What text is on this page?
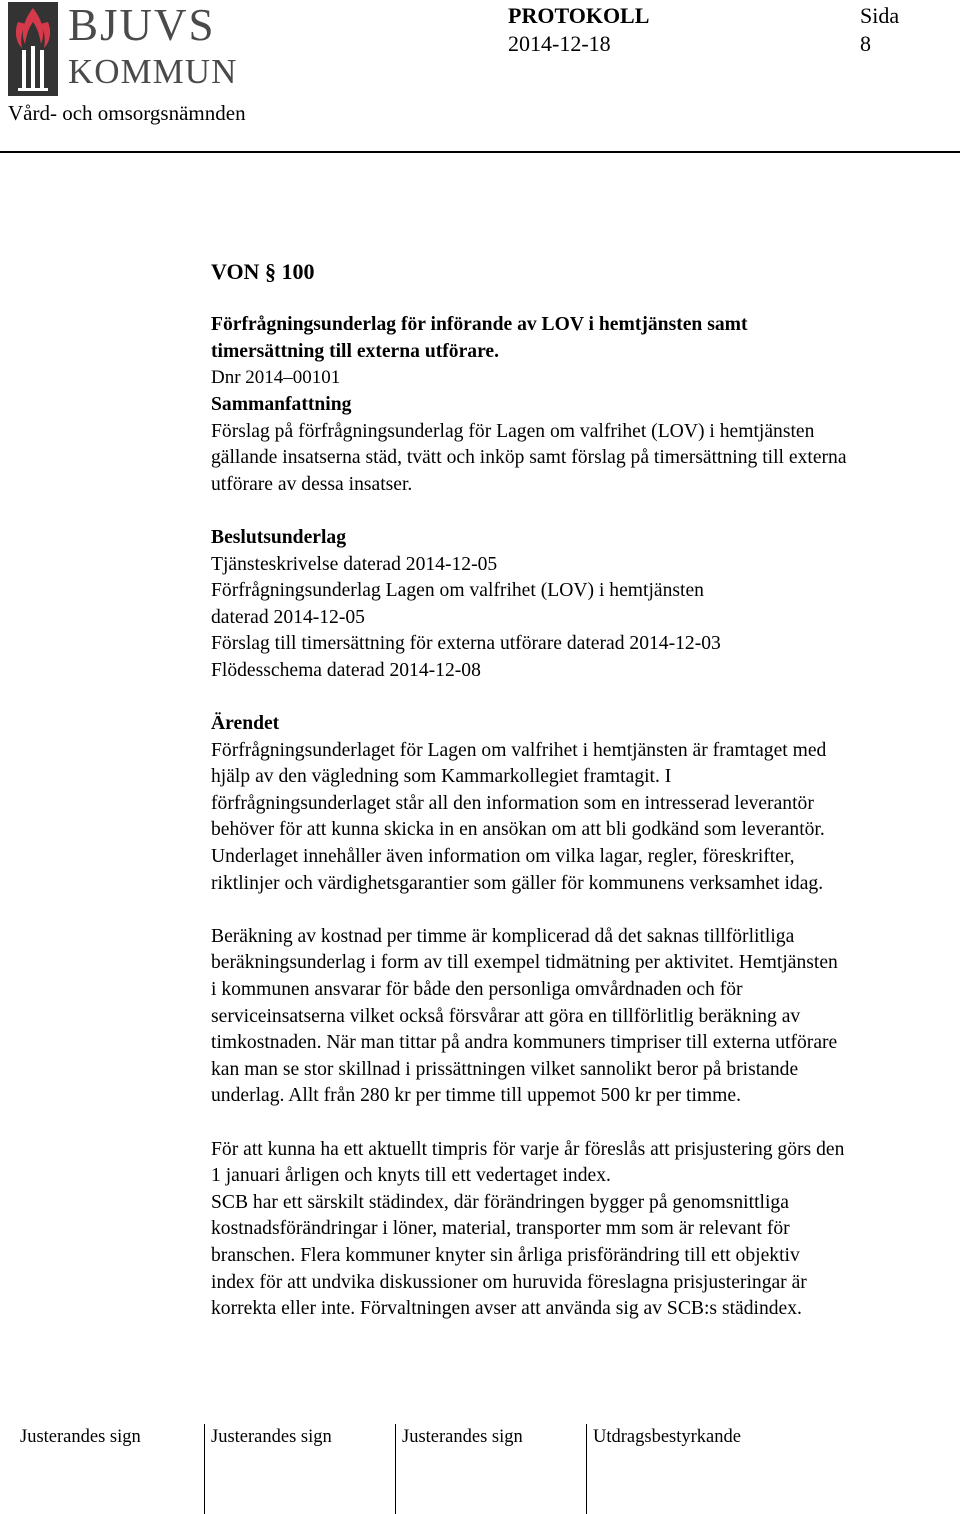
BJUVS
KOMMUN
PROTOKOLL	Sida
2014-12-18	8
Vård- och omsorgsnämnden
VON § 100
Förfrågningsunderlag för införande av LOV i hemtjänsten samt
timersättning till externa utförare.
Dnr 2014–00101
Sammanfattning
Förslag på förfrågningsunderlag för Lagen om valfrihet (LOV) i hemtjänsten
gällande insatserna städ, tvätt och inköp samt förslag på timersättning till externa
utförare av dessa insatser.
Beslutsunderlag
Tjänsteskrivelse daterad 2014-12-05
Förfrågningsunderlag Lagen om valfrihet (LOV) i hemtjänsten
daterad 2014-12-05
Förslag till timersättning för externa utförare daterad 2014-12-03
Flödesschema daterad 2014-12-08
Ärendet
Förfrågningsunderlaget för Lagen om valfrihet i hemtjänsten är framtaget med
hjälp av den vägledning som Kammarkollegiet framtagit. I
förfrågningsunderlaget står all den information som en intresserad leverantör
behöver för att kunna skicka in en ansökan om att bli godkänd som leverantör.
Underlaget innehåller även information om vilka lagar, regler, föreskrifter,
riktlinjer och värdighetsgarantier som gäller för kommunens verksamhet idag.
Beräkning av kostnad per timme är komplicerad då det saknas tillförlitliga
beräkningsunderlag i form av till exempel tidmätning per aktivitet. Hemtjänsten
i kommunen ansvarar för både den personliga omvårdnaden och för
serviceinsatserna vilket också försvårar att göra en tillförlitlig beräkning av
timkostnaden. När man tittar på andra kommuners timpriser till externa utförare
kan man se stor skillnad i prissättningen vilket sannolikt beror på bristande
underlag. Allt från 280 kr per timme till uppemot 500 kr per timme.
För att kunna ha ett aktuellt timpris för varje år föreslås att prisjustering görs den
1 januari årligen och knyts till ett vedertaget index.
SCB har ett särskilt städindex, där förändringen bygger på genomsnittliga
kostnadsförändringar i löner, material, transporter mm som är relevant för
branschen. Flera kommuner knyter sin årliga prisförändring till ett objektiv
index för att undvika diskussioner om huruvida föreslagna prisjusteringar är
korrekta eller inte. Förvaltningen avser att använda sig av SCB:s städindex.
Justerandes sign	Justerandes sign	Justerandes sign	Utdragsbestyrkande
